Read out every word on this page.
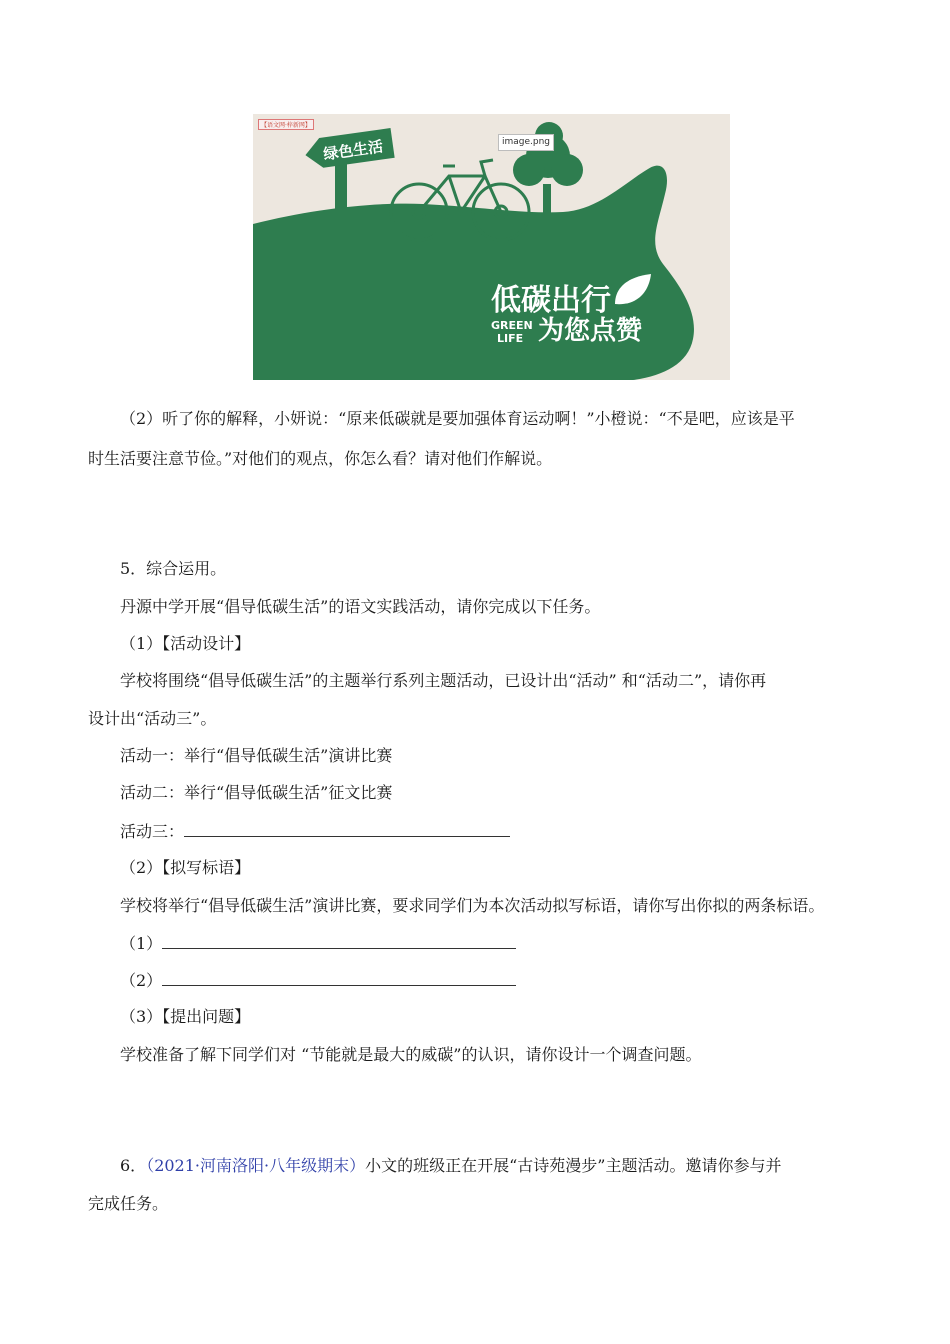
绿色生活
低碳出行
GREEN
LIFE 为您点赞
【语文网·梓新网】
image.png
（2）听了你的解释，小妍说：“原来低碳就是要加强体育运动啊！”小橙说：“不是吧，应该是平
时生活要注意节俭。”对他们的观点，你怎么看？请对他们作解说。
5．综合运用。
丹源中学开展“倡导低碳生活”的语文实践活动，请你完成以下任务。
（1）【活动设计】
学校将围绕“倡导低碳生活”的主题举行系列主题活动，已设计出“活动” 和“活动二”，请你再
设计出“活动三”。
活动一：举行“倡导低碳生活”演讲比赛
活动二：举行“倡导低碳生活”征文比赛
活动三：
（2）【拟写标语】
学校将举行“倡导低碳生活”演讲比赛，要求同学们为本次活动拟写标语，请你写出你拟的两条标语。
（1）
（2）
（3）【提出问题】
学校准备了解下同学们对 “节能就是最大的威碳”的认识，请你设计一个调查问题。
6．（2021·河南洛阳·八年级期末）小文的班级正在开展“古诗苑漫步”主题活动。邀请你参与并
完成任务。
